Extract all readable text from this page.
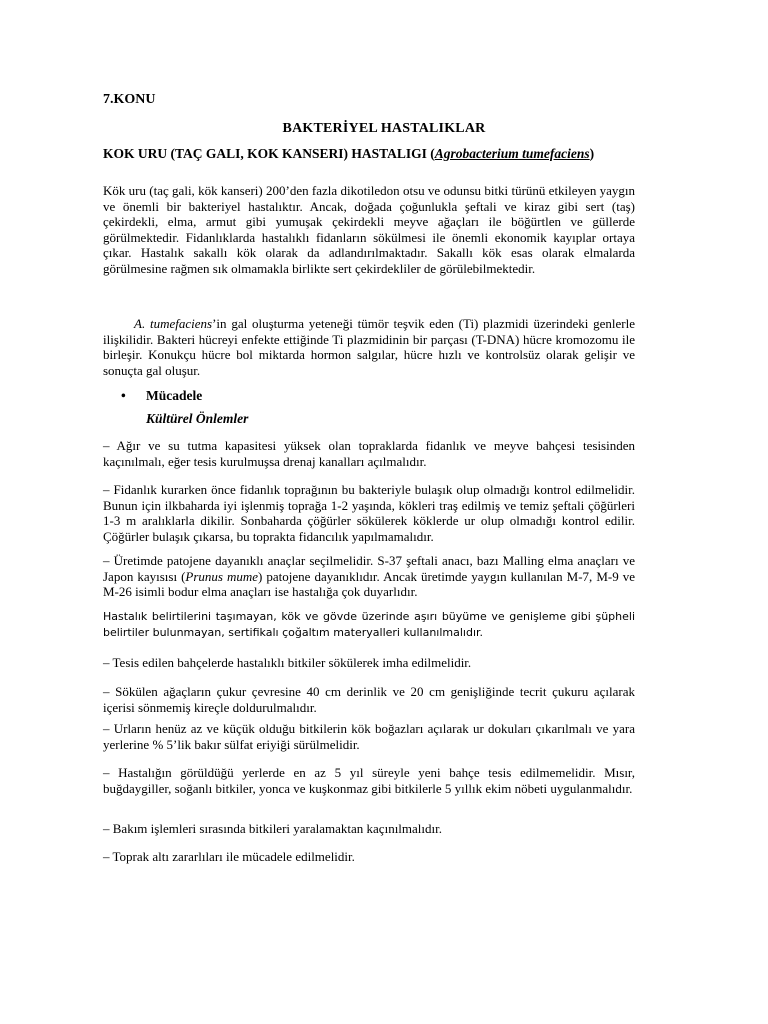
7.KONU
BAKTERİYEL HASTALIKLAR
KOK URU (TAÇ GALI, KOK KANSERI) HASTALIGI (Agrobacterium tumefaciens)

Kök uru (taç gali, kök kanseri) 200’den fazla dikotiledon otsu ve odunsu bitki türünü etkileyen yaygın ve önemli bir bakteriyel hastalıktır. Ancak, doğada çoğunlukla şeftali ve kiraz gibi sert (taş) çekirdekli, elma, armut gibi yumuşak çekirdekli meyve ağaçları ile böğürtlen ve güllerde görülmektedir. Fidanlıklarda hastalıklı fidanların sökülmesi ile önemli ekonomik kayıplar ortaya çıkar. Hastalık sakallı kök olarak da adlandırılmaktadır. Sakallı kök esas olarak elmalarda görülmesine rağmen sık olmamakla birlikte sert çekirdekliler de görülebilmektedir.

A. tumefaciens’in gal oluşturma yeteneği tümör teşvik eden (Ti) plazmidi üzerindeki genlerle ilişkilidir. Bakteri hücreyi enfekte ettiğinde Ti plazmidinin bir parçası (T-DNA) hücre kromozomu ile birleşir. Konukçu hücre bol miktarda hormon salgılar, hücre hızlı ve kontrolsüz olarak gelişir ve sonuçta gal oluşur.

• Mücadele
Kültürel Önlemler

– Ağır ve su tutma kapasitesi yüksek olan topraklarda fidanlık ve meyve bahçesi tesisinden kaçınılmalı, eğer tesis kurulmuşsa drenaj kanalları açılmalıdır.

– Fidanlık kurarken önce fidanlık toprağının bu bakteriyle bulaşık olup olmadığı kontrol edilmelidir. Bunun için ilkbaharda iyi işlenmiş toprağa 1-2 yaşında, kökleri traş edilmiş ve temiz şeftali çöğürleri 1-3 m aralıklarla dikilir. Sonbaharda çöğürler sökülerek köklerde ur olup olmadığı kontrol edilir. Çöğürler bulaşık çıkarsa, bu toprakta fidancılık yapılmamalıdır.

– Üretimde patojene dayanıklı anaçlar seçilmelidir. S-37 şeftali anacı, bazı Malling elma anaçları ve Japon kayısısı (Prunus mume) patojene dayanıklıdır. Ancak üretimde yaygın kullanılan M-7, M-9 ve M-26 isimli bodur elma anaçları ise hastalığa çok duyarlıdır.

Hastalık belirtilerini taşımayan, kök ve gövde üzerinde aşırı büyüme ve genişleme gibi şüpheli belirtiler bulunmayan, sertifikalı çoğaltım materyalleri kullanılmalıdır.

– Tesis edilen bahçelerde hastalıklı bitkiler sökülerek imha edilmelidir.

– Sökülen ağaçların çukur çevresine 40 cm derinlik ve 20 cm genişliğinde tecrit çukuru açılarak içerisi sönmemiş kireçle doldurulmalıdır.

– Urların henüz az ve küçük olduğu bitkilerin kök boğazları açılarak ur dokuları çıkarılmalı ve yara yerlerine % 5’lik bakır sülfat eriyiği sürülmelidir.

– Hastalığın görüldüğü yerlerde en az 5 yıl süreyle yeni bahçe tesis edilmemelidir. Mısır, buğdaygiller, soğanlı bitkiler, yonca ve kuşkonmaz gibi bitkilerle 5 yıllık ekim nöbeti uygulanmalıdır.

– Bakım işlemleri sırasında bitkileri yaralamaktan kaçınılmalıdır.

– Toprak altı zararlıları ile mücadele edilmelidir.
